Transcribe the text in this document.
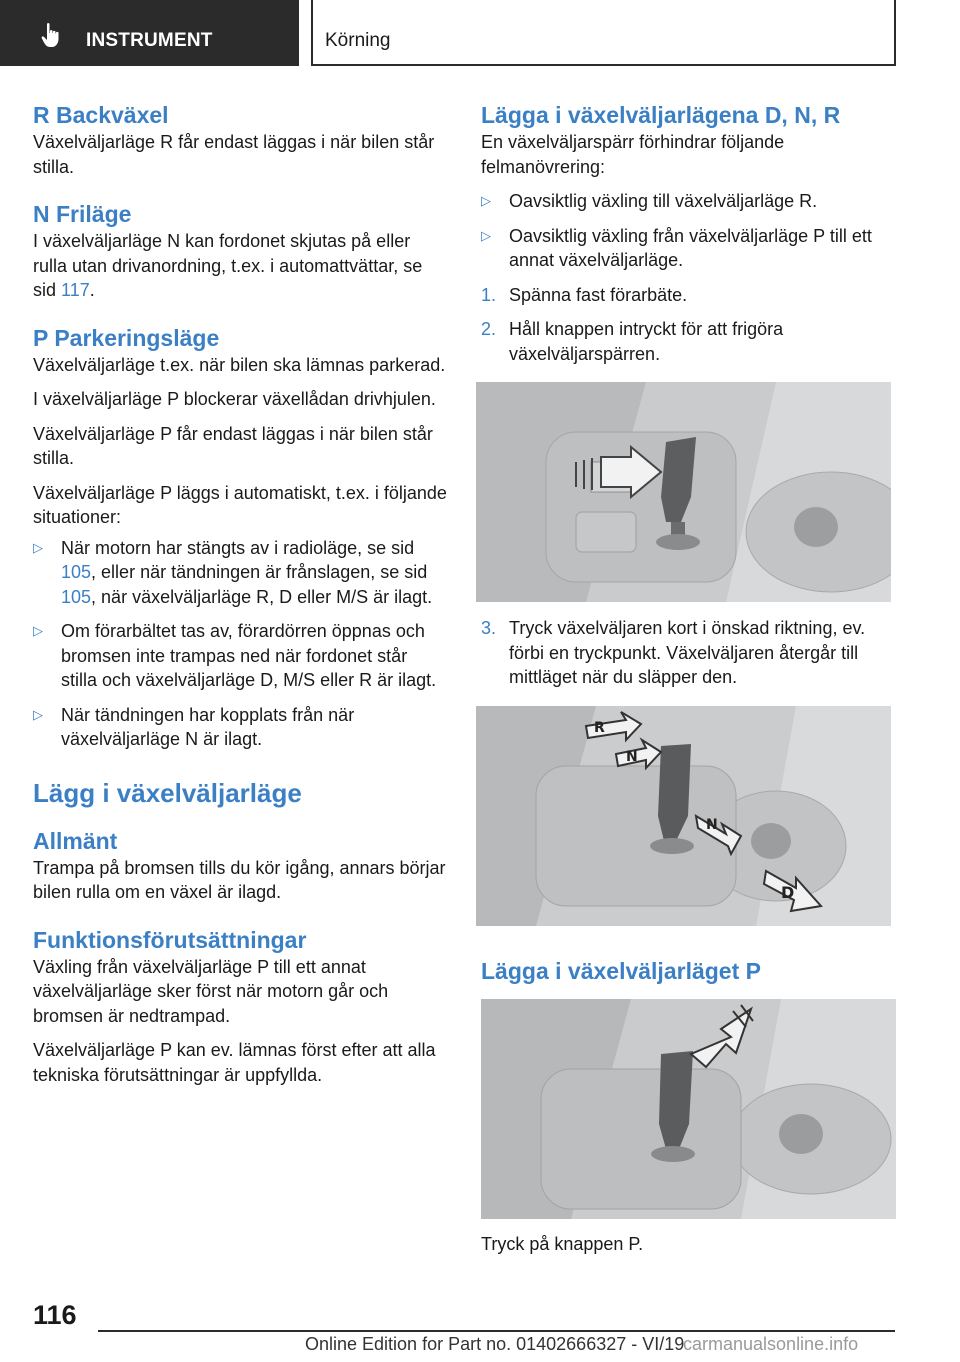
INSTRUMENT	Körning
R Backväxel

Växelväljarläge R får endast läggas i när bilen står stilla.

N Friläge

I växelväljarläge N kan fordonet skjutas på eller rulla utan drivanordning, t.ex. i automattvättar, se sid 117.

P Parkeringsläge

Växelväljarläge t.ex. när bilen ska lämnas parkerad.

I växelväljarläge P blockerar växellådan drivhjulen.

Växelväljarläge P får endast läggas i när bilen står stilla.

Växelväljarläge P läggs i automatiskt, t.ex. i följande situationer:

▷ När motorn har stängts av i radioläge, se sid 105, eller när tändningen är frånslagen, se sid 105, när växelväljarläge R, D eller M/S är ilagt.
▷ Om förarbältet tas av, förardörren öppnas och bromsen inte trampas ned när fordonet står stilla och växelväljarläge D, M/S eller R är ilagt.
▷ När tändningen har kopplats från när växelväljarläge N är ilagt.
Lägg i växelväljarläge
Allmänt

Trampa på bromsen tills du kör igång, annars börjar bilen rulla om en växel är ilagd.

Funktionsförutsättningar

Växling från växelväljarläge P till ett annat växelväljarläge sker först när motorn går och bromsen är nedtrampad.

Växelväljarläge P kan ev. lämnas först efter att alla tekniska förutsättningar är uppfyllda.

Lägga i växelväljarlägena D, N, R

En växelväljarspärr förhindrar följande felmanövrering:

▷ Oavsiktlig växling till växelväljarläge R.
▷ Oavsiktlig växling från växelväljarläge P till ett annat växelväljarläge.
1. Spänna fast förarbäte.
2. Håll knappen intryckt för att frigöra växelväljarspärren.
3. Tryck växelväljaren kort i önskad riktning, ev. förbi en tryckpunkt. Växelväljaren återgår till mittläget när du släpper den.
R
N
N
D
Lägga i växelväljarläget P

Tryck på knappen P.

116
Online Edition for Part no. 01402666327 - VI/19
carmanualsonline.info
